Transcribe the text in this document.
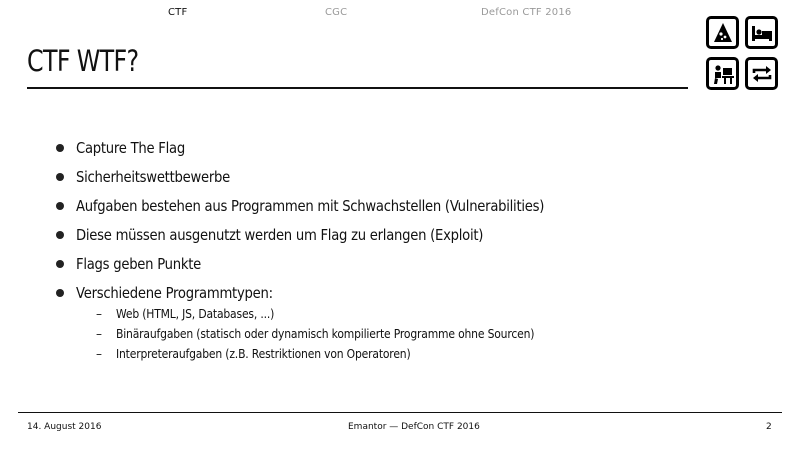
CTF	CGC	DefCon CTF 2016
CTF WTF?
Capture The Flag
Sicherheitswettbewerbe
Aufgaben bestehen aus Programmen mit Schwachstellen (Vulnerabilities)
Diese müssen ausgenutzt werden um Flag zu erlangen (Exploit)
Flags geben Punkte
Verschiedene Programmtypen:
– Web (HTML, JS, Databases, ...)
– Binäraufgaben (statisch oder dynamisch kompilierte Programme ohne Sourcen)
– Interpreteraufgaben (z.B. Restriktionen von Operatoren)
14. August 2016	Emantor — DefCon CTF 2016	2
